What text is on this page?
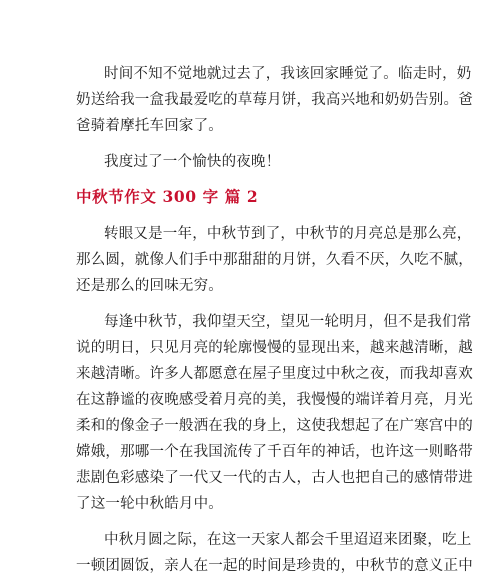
时间不知不觉地就过去了，我该回家睡觉了。临走时，奶
奶送给我一盒我最爱吃的草莓月饼，我高兴地和奶奶告别。爸
爸骑着摩托车回家了。
我度过了一个愉快的夜晚！
中秋节作文 300 字 篇 2
转眼又是一年，中秋节到了，中秋节的月亮总是那么亮，
那么圆，就像人们手中那甜甜的月饼，久看不厌，久吃不腻，
还是那么的回味无穷。
每逢中秋节，我仰望天空，望见一轮明月，但不是我们常
说的明日，只见月亮的轮廓慢慢的显现出来，越来越清晰，越
来越清晰。许多人都愿意在屋子里度过中秋之夜，而我却喜欢
在这静谧的夜晚感受着月亮的美，我慢慢的端详着月亮，月光
柔和的像金子一般洒在我的身上，这使我想起了在广寒宫中的
嫦娥，那哪一个在我国流传了千百年的神话，也许这一则略带
悲剧色彩感染了一代又一代的古人，古人也把自己的感情带进
了这一轮中秋皓月中。
中秋月圆之际，在这一天家人都会千里迢迢来团聚，吃上
一顿团圆饭，亲人在一起的时间是珍贵的，中秋节的意义正中
